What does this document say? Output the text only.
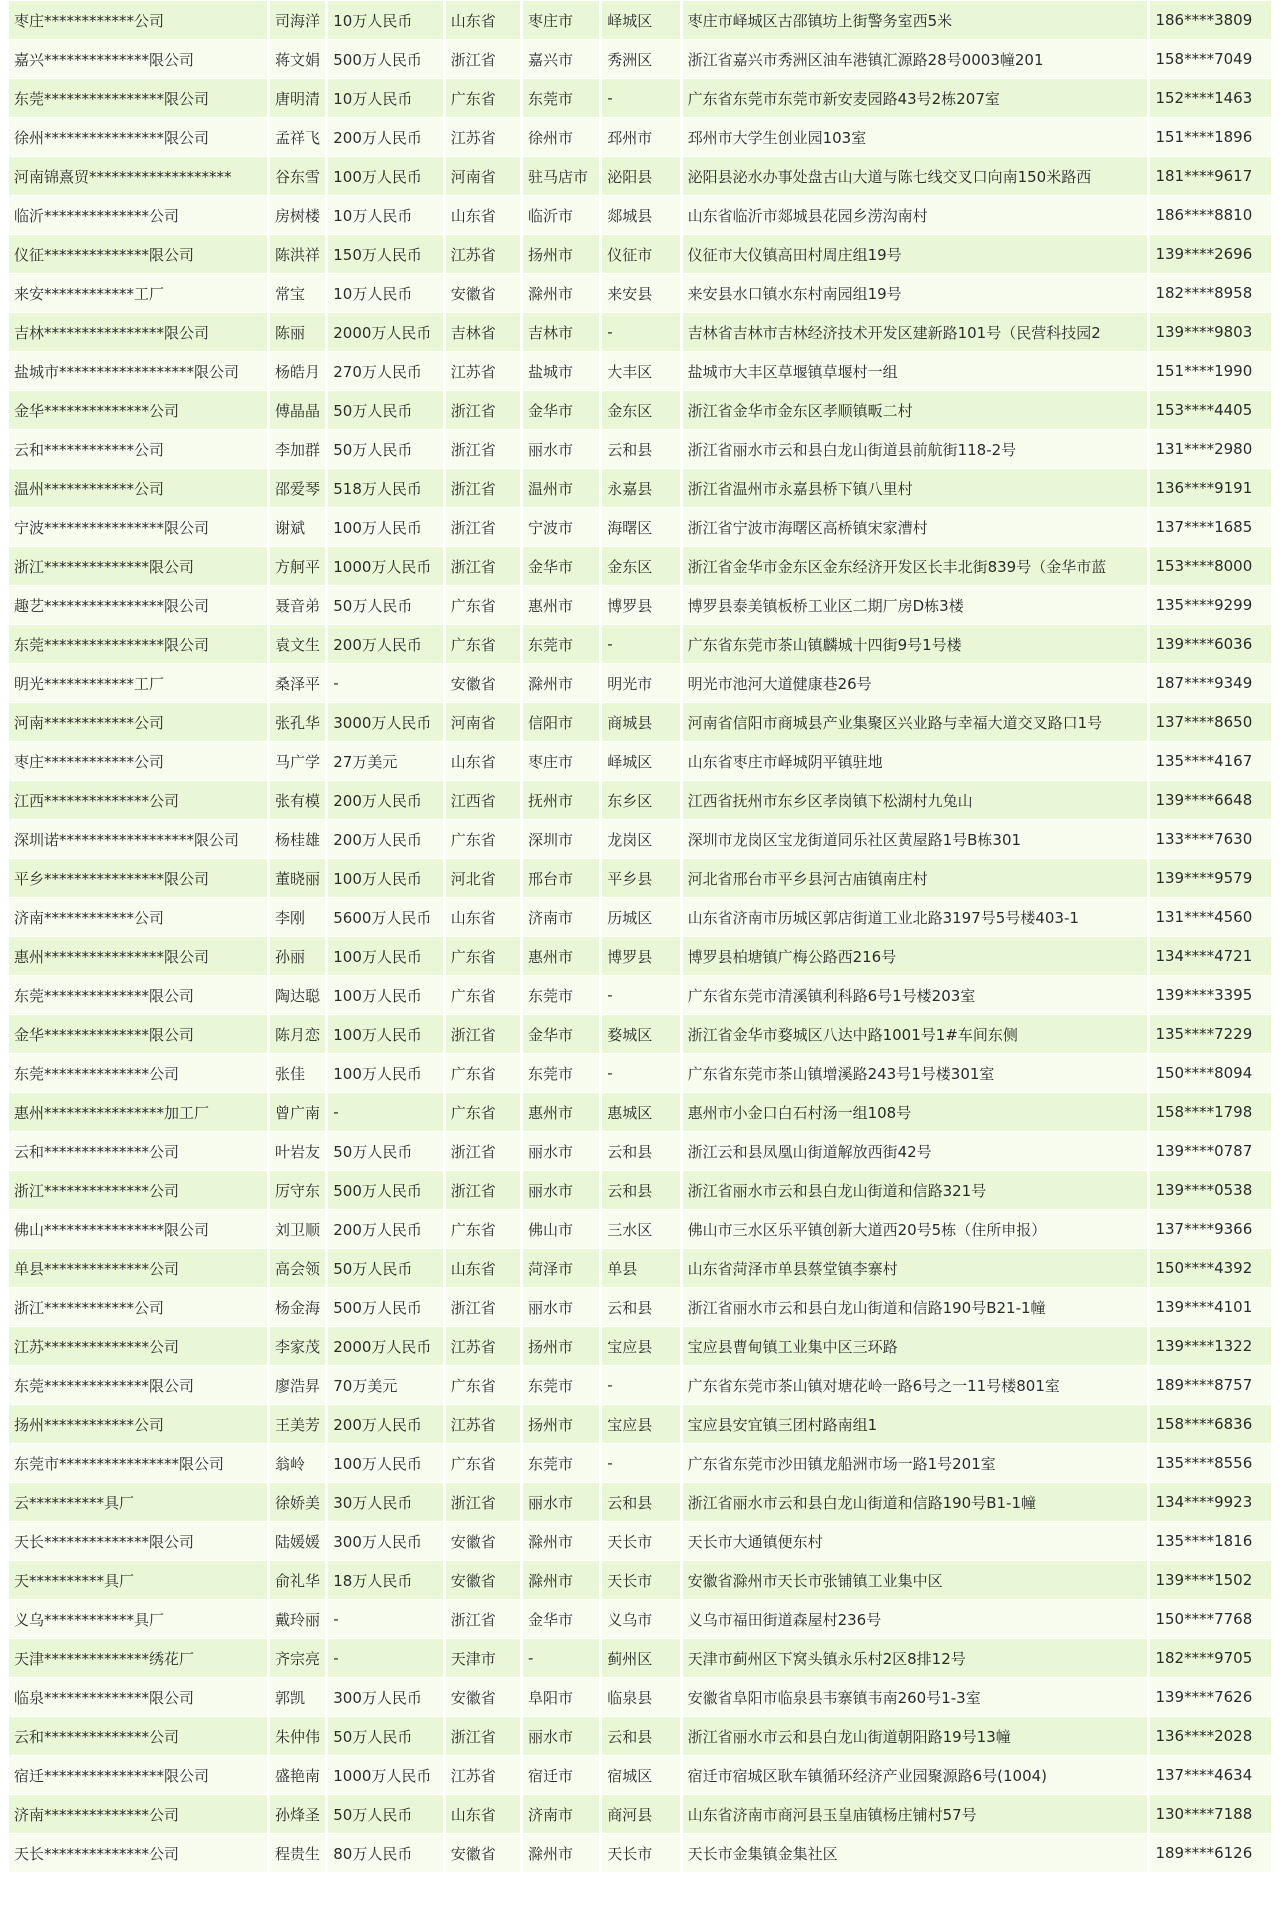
枣庄************公司	司海洋	10万人民币	山东省	枣庄市	峄城区	枣庄市峄城区古邵镇坊上街警务室西5米	186****3809
嘉兴**************限公司	蒋文娟	500万人民币	浙江省	嘉兴市	秀洲区	浙江省嘉兴市秀洲区油车港镇汇源路28号0003幢201	158****7049
东莞****************限公司	唐明清	10万人民币	广东省	东莞市	-	广东省东莞市东莞市新安麦园路43号2栋207室	152****1463
徐州****************限公司	孟祥飞	200万人民币	江苏省	徐州市	邳州市	邳州市大学生创业园103室	151****1896
河南锦熹贸*******************	谷东雪	100万人民币	河南省	驻马店市	泌阳县	泌阳县泌水办事处盘古山大道与陈七线交叉口向南150米路西	181****9617
临沂**************公司	房树楼	10万人民币	山东省	临沂市	郯城县	山东省临沂市郯城县花园乡涝沟南村	186****8810
仪征**************限公司	陈洪祥	150万人民币	江苏省	扬州市	仪征市	仪征市大仪镇高田村周庄组19号	139****2696
来安************工厂	常宝	10万人民币	安徽省	滁州市	来安县	来安县水口镇水东村南园组19号	182****8958
吉林****************限公司	陈丽	2000万人民币	吉林省	吉林市	-	吉林省吉林市吉林经济技术开发区建新路101号（民营科技园2	139****9803
盐城市******************限公司	杨皓月	270万人民币	江苏省	盐城市	大丰区	盐城市大丰区草堰镇草堰村一组	151****1990
金华**************公司	傅晶晶	50万人民币	浙江省	金华市	金东区	浙江省金华市金东区孝顺镇畈二村	153****4405
云和************公司	李加群	50万人民币	浙江省	丽水市	云和县	浙江省丽水市云和县白龙山街道县前航街118-2号	131****2980
温州************公司	邵爱琴	518万人民币	浙江省	温州市	永嘉县	浙江省温州市永嘉县桥下镇八里村	136****9191
宁波****************限公司	谢斌	100万人民币	浙江省	宁波市	海曙区	浙江省宁波市海曙区高桥镇宋家漕村	137****1685
浙江**************限公司	方舸平	1000万人民币	浙江省	金华市	金东区	浙江省金华市金东区金东经济开发区长丰北街839号（金华市蓝	153****8000
趣艺****************限公司	聂音弟	50万人民币	广东省	惠州市	博罗县	博罗县泰美镇板桥工业区二期厂房D栋3楼	135****9299
东莞****************限公司	袁文生	200万人民币	广东省	东莞市	-	广东省东莞市茶山镇麟城十四街9号1号楼	139****6036
明光************工厂	桑泽平	-	安徽省	滁州市	明光市	明光市池河大道健康巷26号	187****9349
河南************公司	张孔华	3000万人民币	河南省	信阳市	商城县	河南省信阳市商城县产业集聚区兴业路与幸福大道交叉路口1号	137****8650
枣庄************公司	马广学	27万美元	山东省	枣庄市	峄城区	山东省枣庄市峄城阴平镇驻地	135****4167
江西**************公司	张有模	200万人民币	江西省	抚州市	东乡区	江西省抚州市东乡区孝岗镇下松湖村九兔山	139****6648
深圳诺******************限公司	杨桂雄	200万人民币	广东省	深圳市	龙岗区	深圳市龙岗区宝龙街道同乐社区黄屋路1号B栋301	133****7630
平乡****************限公司	董晓丽	100万人民币	河北省	邢台市	平乡县	河北省邢台市平乡县河古庙镇南庄村	139****9579
济南************公司	李刚	5600万人民币	山东省	济南市	历城区	山东省济南市历城区郭店街道工业北路3197号5号楼403-1	131****4560
惠州****************限公司	孙丽	100万人民币	广东省	惠州市	博罗县	博罗县柏塘镇广梅公路西216号	134****4721
东莞**************限公司	陶达聪	100万人民币	广东省	东莞市	-	广东省东莞市清溪镇利科路6号1号楼203室	139****3395
金华**************限公司	陈月恋	100万人民币	浙江省	金华市	婺城区	浙江省金华市婺城区八达中路1001号1#车间东侧	135****7229
东莞**************公司	张佳	100万人民币	广东省	东莞市	-	广东省东莞市茶山镇增溪路243号1号楼301室	150****8094
惠州****************加工厂	曾广南	-	广东省	惠州市	惠城区	惠州市小金口白石村汤一组108号	158****1798
云和**************公司	叶岩友	50万人民币	浙江省	丽水市	云和县	浙江云和县凤凰山街道解放西街42号	139****0787
浙江**************公司	厉守东	500万人民币	浙江省	丽水市	云和县	浙江省丽水市云和县白龙山街道和信路321号	139****0538
佛山****************限公司	刘卫顺	200万人民币	广东省	佛山市	三水区	佛山市三水区乐平镇创新大道西20号5栋（住所申报）	137****9366
单县**************公司	高会领	50万人民币	山东省	菏泽市	单县	山东省菏泽市单县蔡堂镇李寨村	150****4392
浙江************公司	杨金海	500万人民币	浙江省	丽水市	云和县	浙江省丽水市云和县白龙山街道和信路190号B21-1幢	139****4101
江苏**************公司	李家茂	2000万人民币	江苏省	扬州市	宝应县	宝应县曹甸镇工业集中区三环路	139****1322
东莞**************限公司	廖浩昇	70万美元	广东省	东莞市	-	广东省东莞市茶山镇对塘花岭一路6号之一11号楼801室	189****8757
扬州************公司	王美芳	200万人民币	江苏省	扬州市	宝应县	宝应县安宜镇三团村路南组1	158****6836
东莞市****************限公司	翁岭	100万人民币	广东省	东莞市	-	广东省东莞市沙田镇龙船洲市场一路1号201室	135****8556
云**********具厂	徐娇美	30万人民币	浙江省	丽水市	云和县	浙江省丽水市云和县白龙山街道和信路190号B1-1幢	134****9923
天长**************限公司	陆媛媛	300万人民币	安徽省	滁州市	天长市	天长市大通镇便东村	135****1816
天**********具厂	俞礼华	18万人民币	安徽省	滁州市	天长市	安徽省滁州市天长市张铺镇工业集中区	139****1502
义乌************具厂	戴玲丽	-	浙江省	金华市	义乌市	义乌市福田街道森屋村236号	150****7768
天津**************绣花厂	齐宗亮	-	天津市	-	蓟州区	天津市蓟州区下窝头镇永乐村2区8排12号	182****9705
临泉**************限公司	郭凯	300万人民币	安徽省	阜阳市	临泉县	安徽省阜阳市临泉县韦寨镇韦南260号1-3室	139****7626
云和**************公司	朱仲伟	50万人民币	浙江省	丽水市	云和县	浙江省丽水市云和县白龙山街道朝阳路19号13幢	136****2028
宿迁****************限公司	盛艳南	1000万人民币	江苏省	宿迁市	宿城区	宿迁市宿城区耿车镇循环经济产业园聚源路6号(1004)	137****4634
济南**************公司	孙烽圣	50万人民币	山东省	济南市	商河县	山东省济南市商河县玉皇庙镇杨庄铺村57号	130****7188
天长**************公司	程贵生	80万人民币	安徽省	滁州市	天长市	天长市金集镇金集社区	189****6126
